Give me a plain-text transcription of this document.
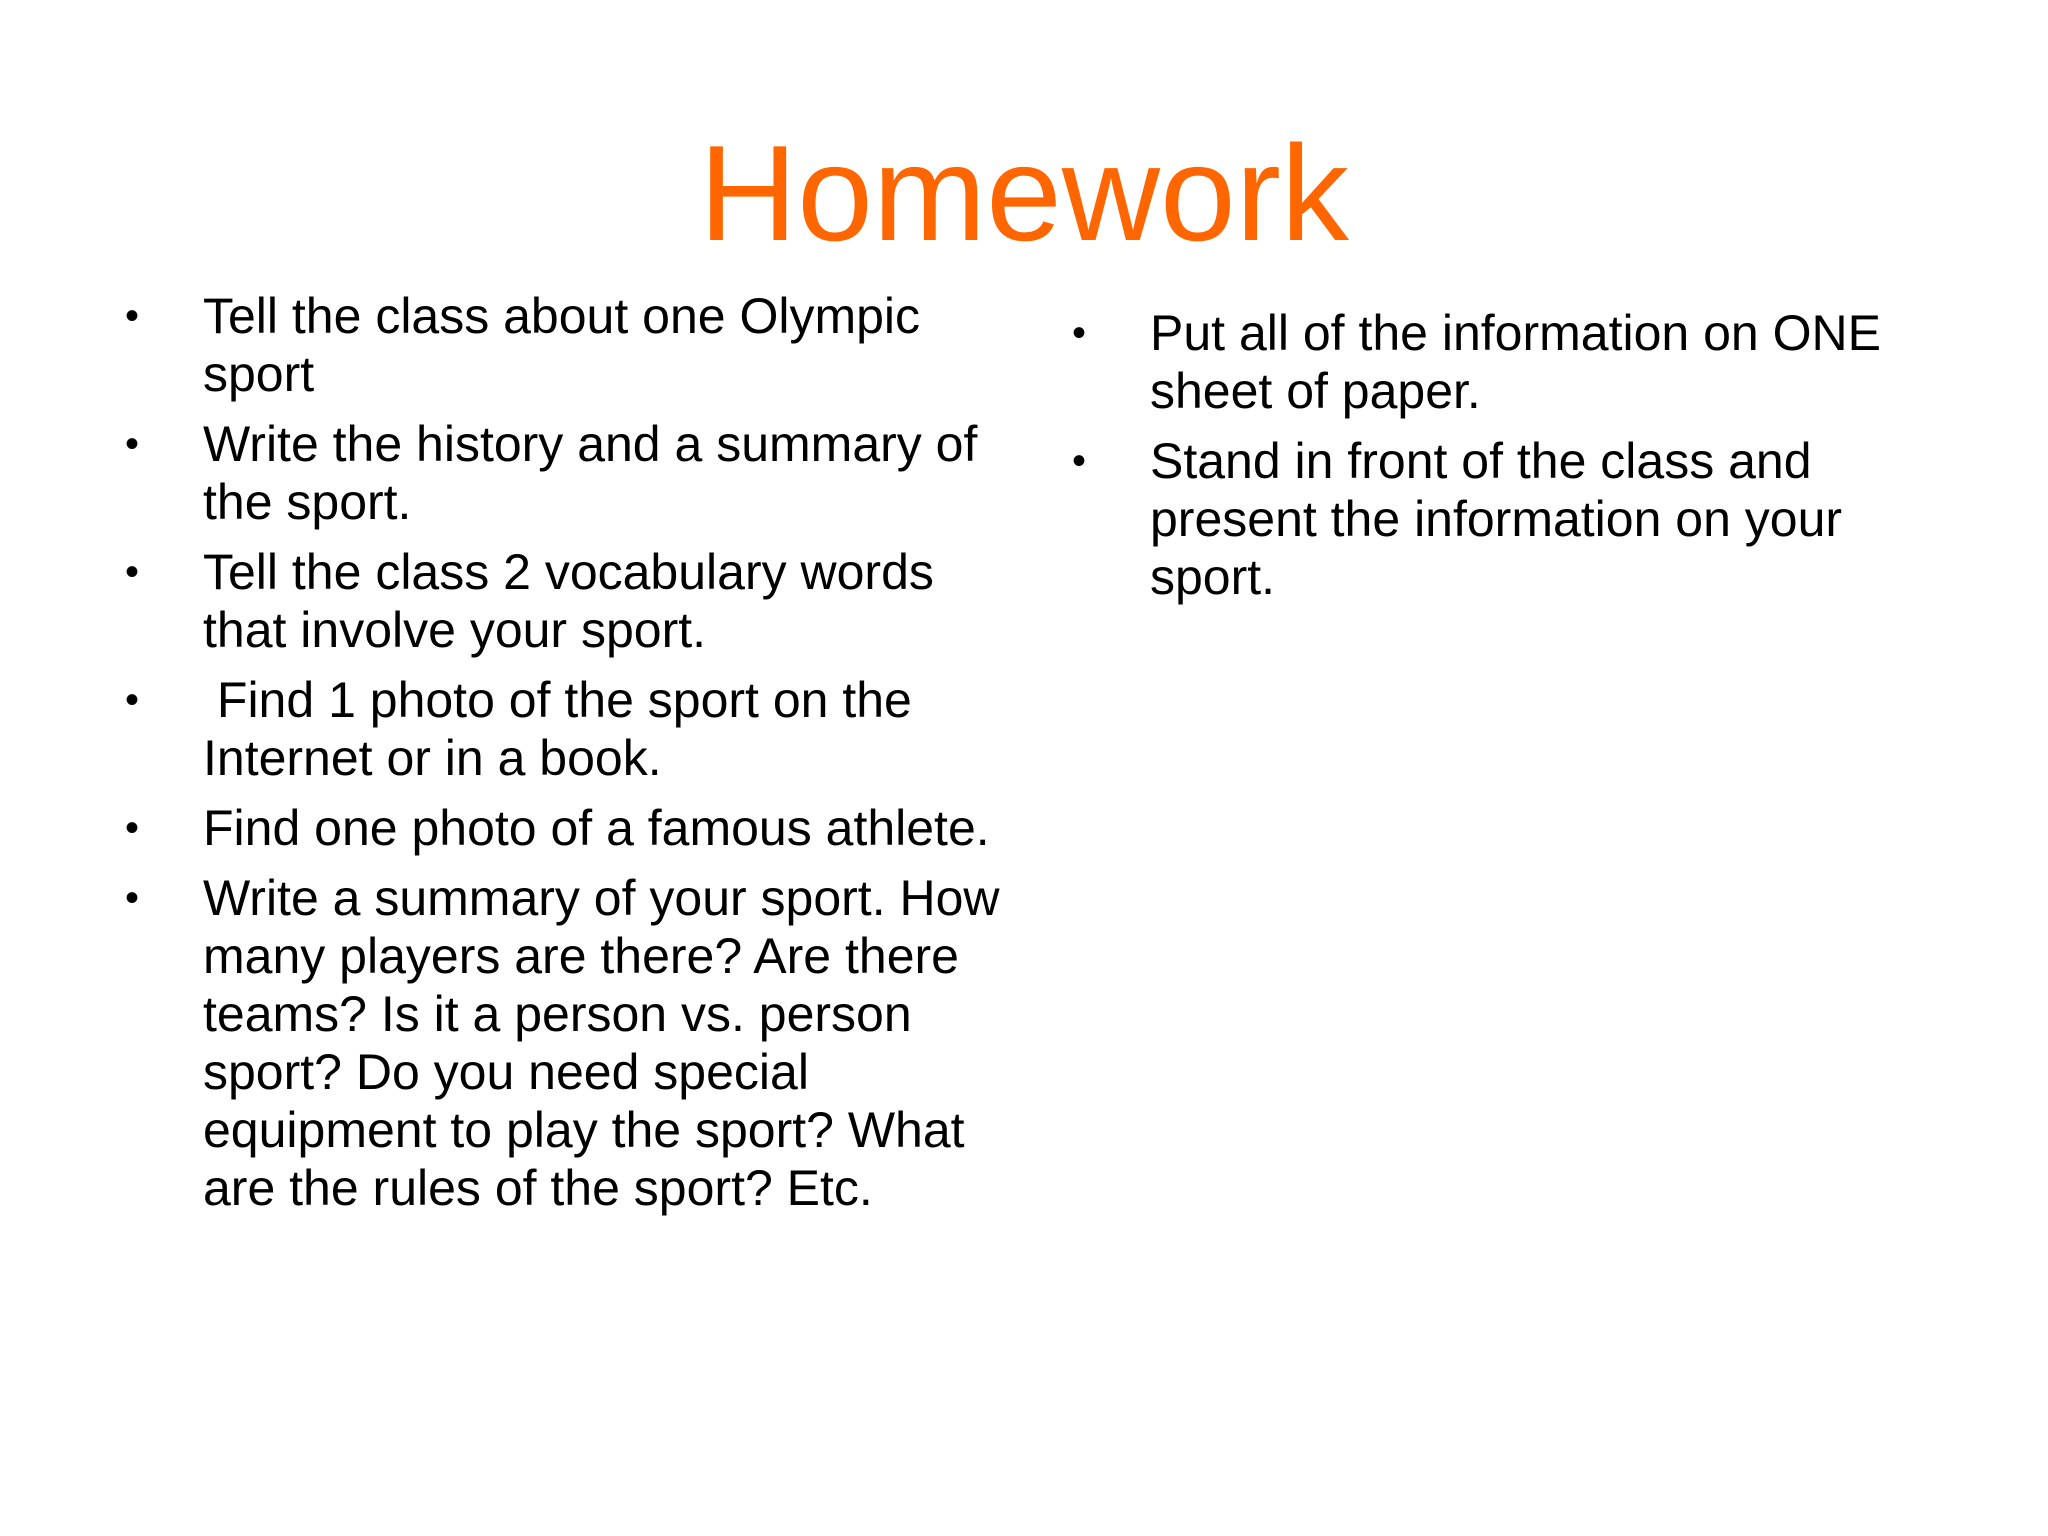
Homework
•	Tell the class about one Olympic sport
•	Write the history and a summary of the sport.
•	Tell the class 2 vocabulary words that involve your sport.
•	Find 1 photo of the sport on the Internet or in a book.
•	Find one photo of a famous athlete.
•	Write a summary of your sport. How many players are there? Are there teams? Is it a person vs. person sport? Do you need special equipment to play the sport? What are the rules of the sport? Etc.
•	Put all of the information on ONE sheet of paper.
•	Stand in front of the class and present the information on your sport.
